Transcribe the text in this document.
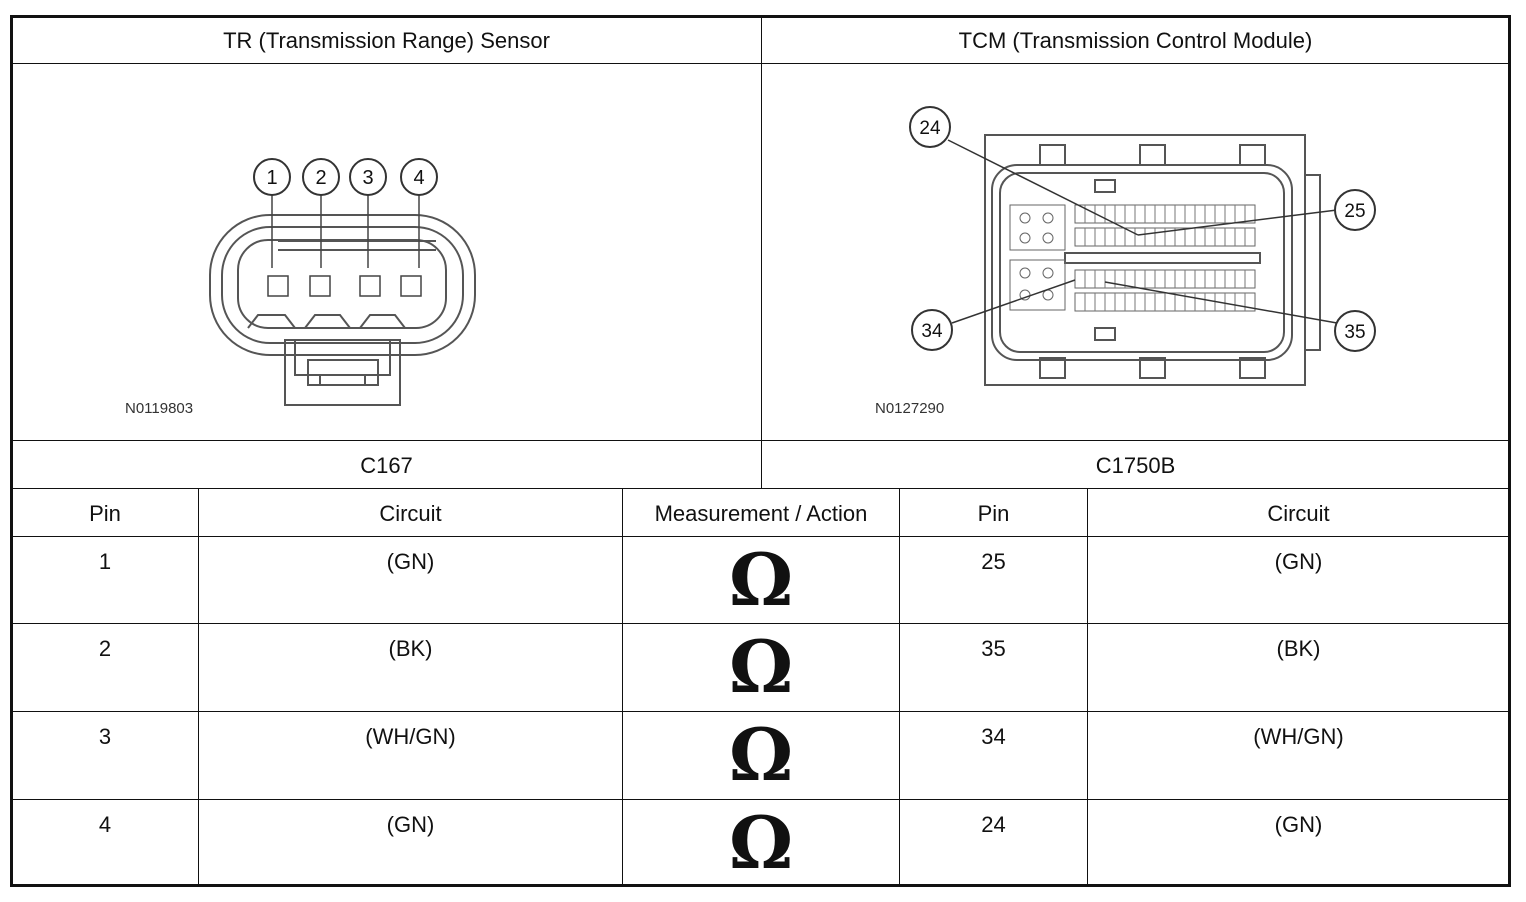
TR (Transmission Range) Sensor	TCM (Transmission Control Module)
1 2 3 4
N0119803
24
25
34	35
N0127290
C167	C1750B
Pin	Circuit	Measurement / Action	Pin	Circuit
1	(GN)	Ω	25	(GN)
2	(BK)	Ω	35	(BK)
3	(WH/GN)	Ω	34	(WH/GN)
4	(GN)	Ω	24	(GN)
